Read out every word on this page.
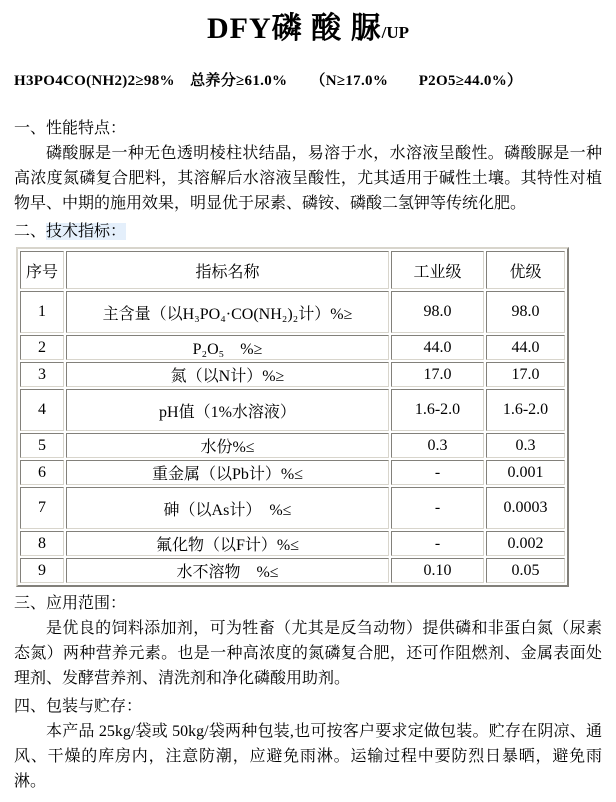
DFY磷 酸 脲/UP
H3PO4CO(NH2)2≥98%　总养分≥61.0%　　（N≥17.0%　　P2O5≥44.0%）
一、性能特点：

磷酸脲是一种无色透明棱柱状结晶，易溶于水，水溶液呈酸性。磷酸脲是一种高浓度氮磷复合肥料，其溶解后水溶液呈酸性，尤其适用于碱性土壤。其特性对植物早、中期的施用效果，明显优于尿素、磷铵、磷酸二氢钾等传统化肥。

二、技术指标：
序号	指标名称	工业级	优级
1	主含量（以H₃PO₄·CO(NH₂)₂计）%≥	98.0	98.0
2	P₂O₅　%≥	44.0	44.0
3	氮（以N计）%≥	17.0	17.0
4	pH值（1%水溶液）	1.6-2.0	1.6-2.0
5	水份%≤	0.3	0.3
6	重金属（以Pb计）%≤	-	0.001
7	砷（以As计）　%≤	-	0.0003
8	氟化物（以F计）%≤	-	0.002
9	水不溶物　%≤	0.10	0.05
三、应用范围：

是优良的饲料添加剂，可为牲畜（尤其是反刍动物）提供磷和非蛋白氮（尿素态氮）两种营养元素。也是一种高浓度的氮磷复合肥，还可作阻燃剂、金属表面处理剂、发酵营养剂、清洗剂和净化磷酸用助剂。

四、包装与贮存：

本产品 25kg/袋或 50kg/袋两种包装,也可按客户要求定做包装。贮存在阴凉、通风、干燥的库房内，注意防潮，应避免雨淋。运输过程中要防烈日暴晒，避免雨淋。
